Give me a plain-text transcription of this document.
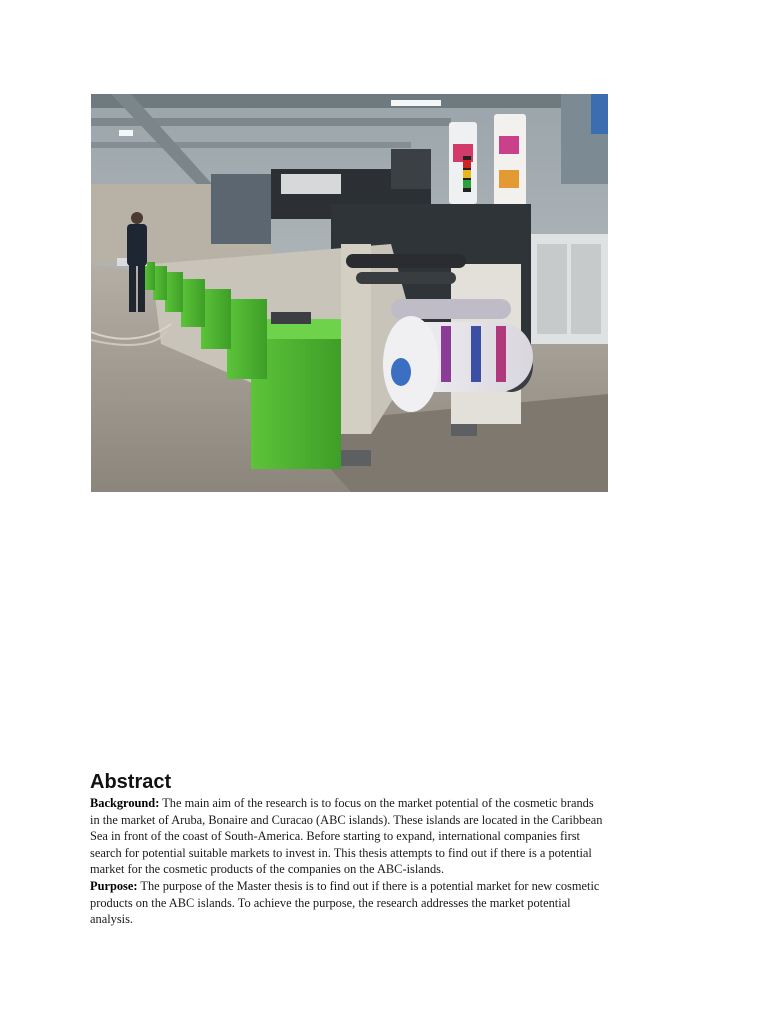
Abstract

Background: The main aim of the research is to focus on the market potential of the cosmetic brands
in the market of Aruba, Bonaire and Curacao (ABC islands). These islands are located in the Caribbean
Sea in front of the coast of South-America. Before starting to expand, international companies first
search for potential suitable markets to invest in. This thesis attempts to find out if there is a potential
market for the cosmetic products of the companies on the ABC-islands.

Purpose: The purpose of the Master thesis is to find out if there is a potential market for new cosmetic
products on the ABC islands. To achieve the purpose, the research addresses the market potential
analysis.
